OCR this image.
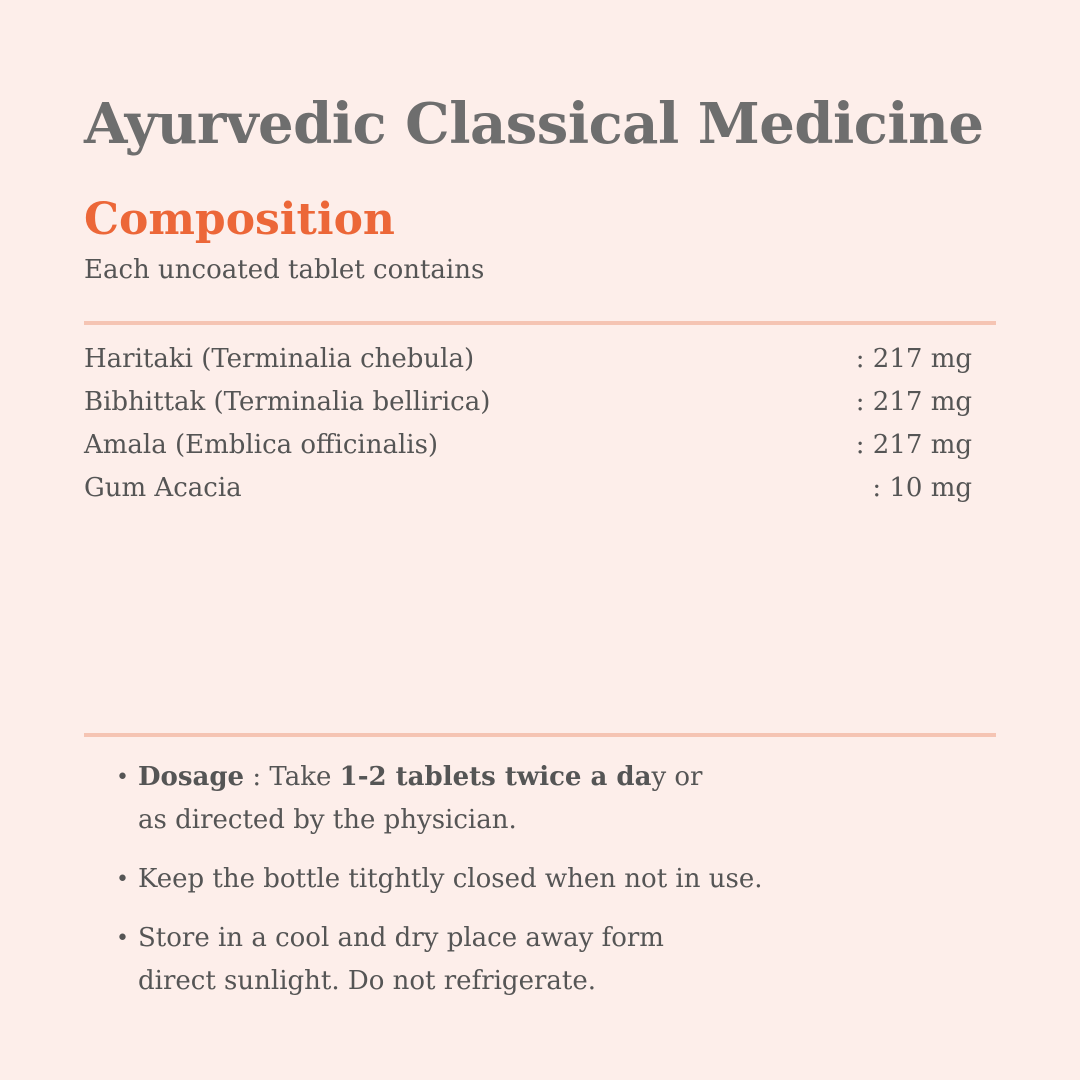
Ayurvedic Classical Medicine
Composition
Each uncoated tablet contains
Haritaki (Terminalia chebula)	: 217 mg
Bibhittak (Terminalia bellirica)	: 217 mg
Amala (Emblica officinalis)	: 217 mg
Gum Acacia	: 10 mg
• Dosage : Take 1-2 tablets twice a day or
as directed by the physician.
• Keep the bottle titghtly closed when not in use.
• Store in a cool and dry place away form
direct sunlight. Do not refrigerate.
